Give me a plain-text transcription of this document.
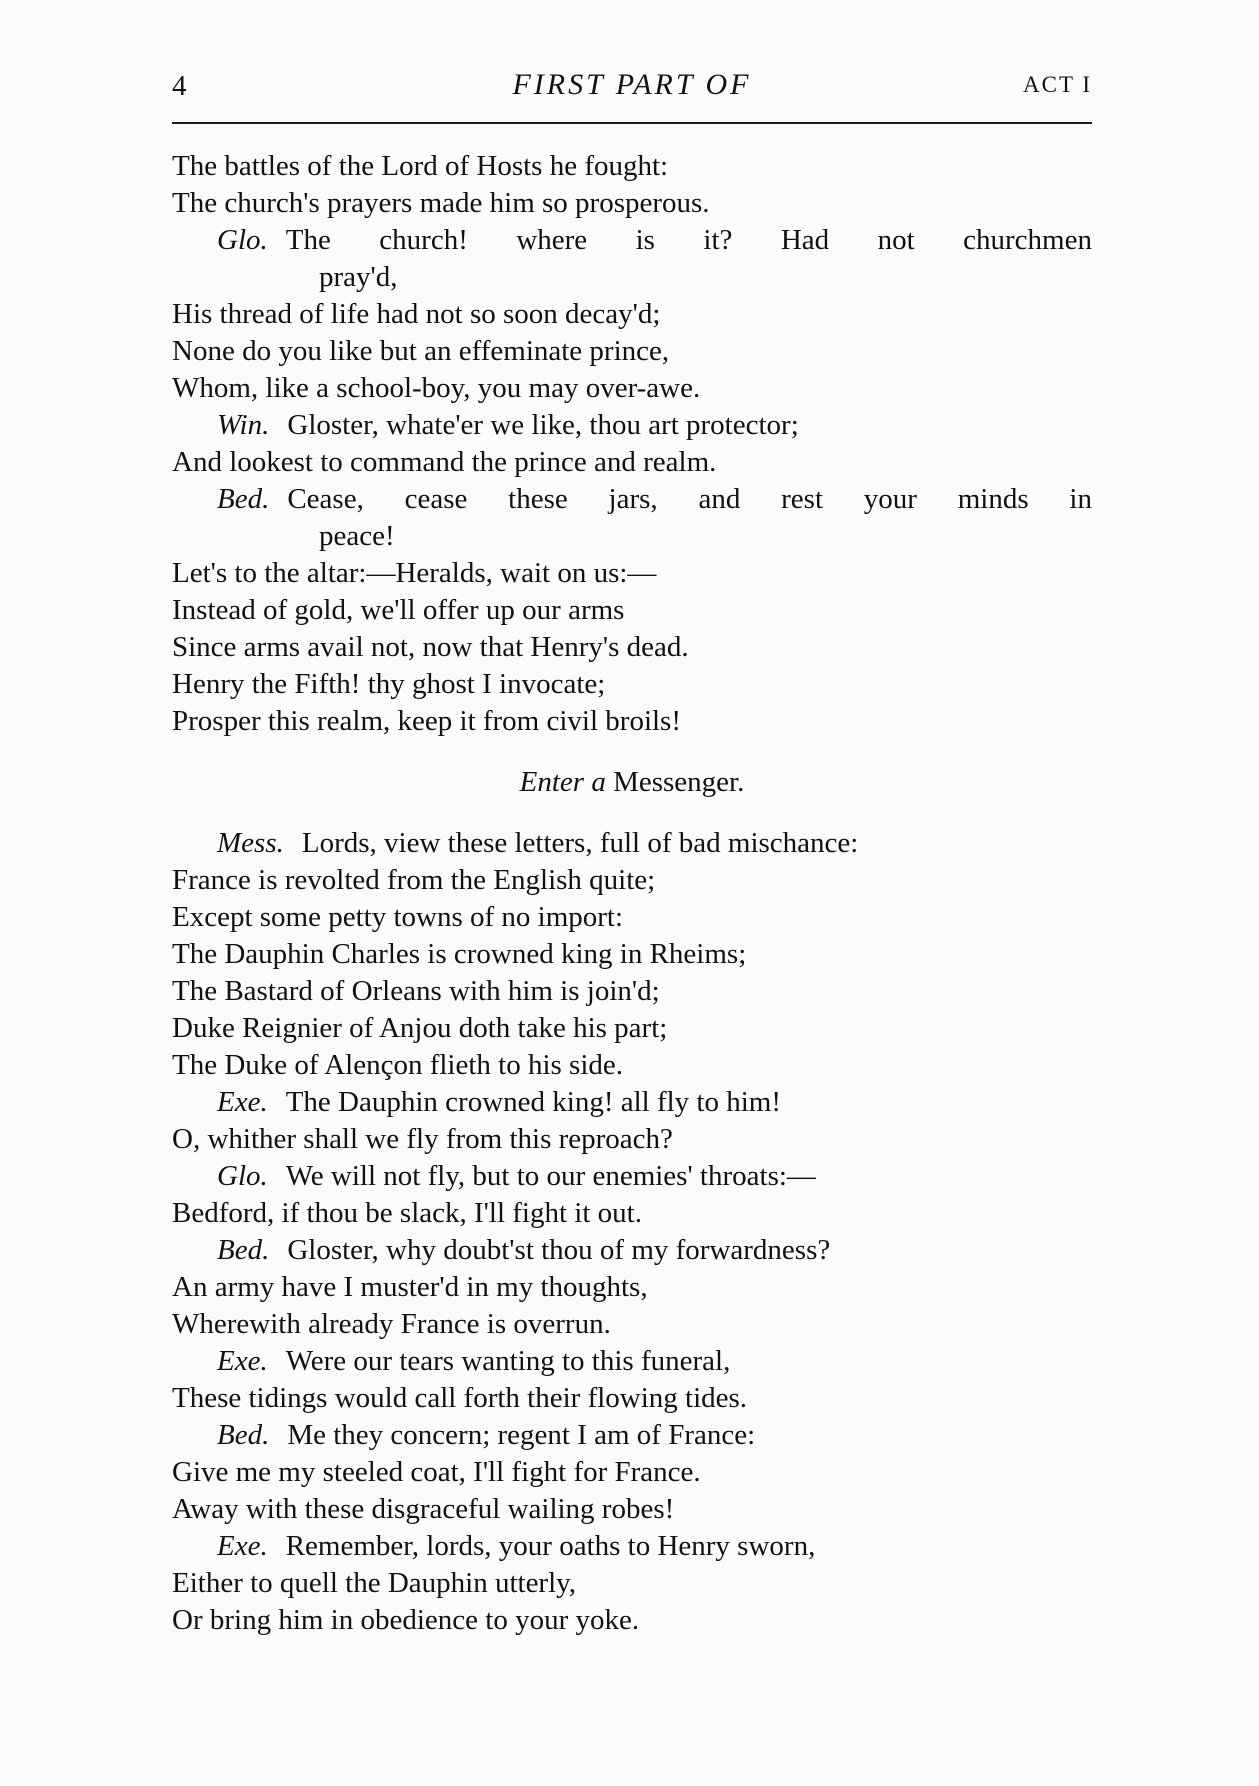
4	FIRST PART OF	ACT I
The battles of the Lord of Hosts he fought:
The church's prayers made him so prosperous.
Glo. The church! where is it? Had not churchmen
pray'd,
His thread of life had not so soon decay'd;
None do you like but an effeminate prince,
Whom, like a school-boy, you may over-awe.
Win. Gloster, whate'er we like, thou art protector;
And lookest to command the prince and realm.
Bed. Cease, cease these jars, and rest your minds in
peace!
Let's to the altar:—Heralds, wait on us:—
Instead of gold, we'll offer up our arms
Since arms avail not, now that Henry's dead.
Henry the Fifth! thy ghost I invocate;
Prosper this realm, keep it from civil broils!
Enter a Messenger.
Mess. Lords, view these letters, full of bad mischance:
France is revolted from the English quite;
Except some petty towns of no import:
The Dauphin Charles is crowned king in Rheims;
The Bastard of Orleans with him is join'd;
Duke Reignier of Anjou doth take his part;
The Duke of Alençon flieth to his side.
Exe. The Dauphin crowned king! all fly to him!
O, whither shall we fly from this reproach?
Glo. We will not fly, but to our enemies' throats:—
Bedford, if thou be slack, I'll fight it out.
Bed. Gloster, why doubt'st thou of my forwardness?
An army have I muster'd in my thoughts,
Wherewith already France is overrun.
Exe. Were our tears wanting to this funeral,
These tidings would call forth their flowing tides.
Bed. Me they concern; regent I am of France:
Give me my steeled coat, I'll fight for France.
Away with these disgraceful wailing robes!
Exe. Remember, lords, your oaths to Henry sworn,
Either to quell the Dauphin utterly,
Or bring him in obedience to your yoke.
